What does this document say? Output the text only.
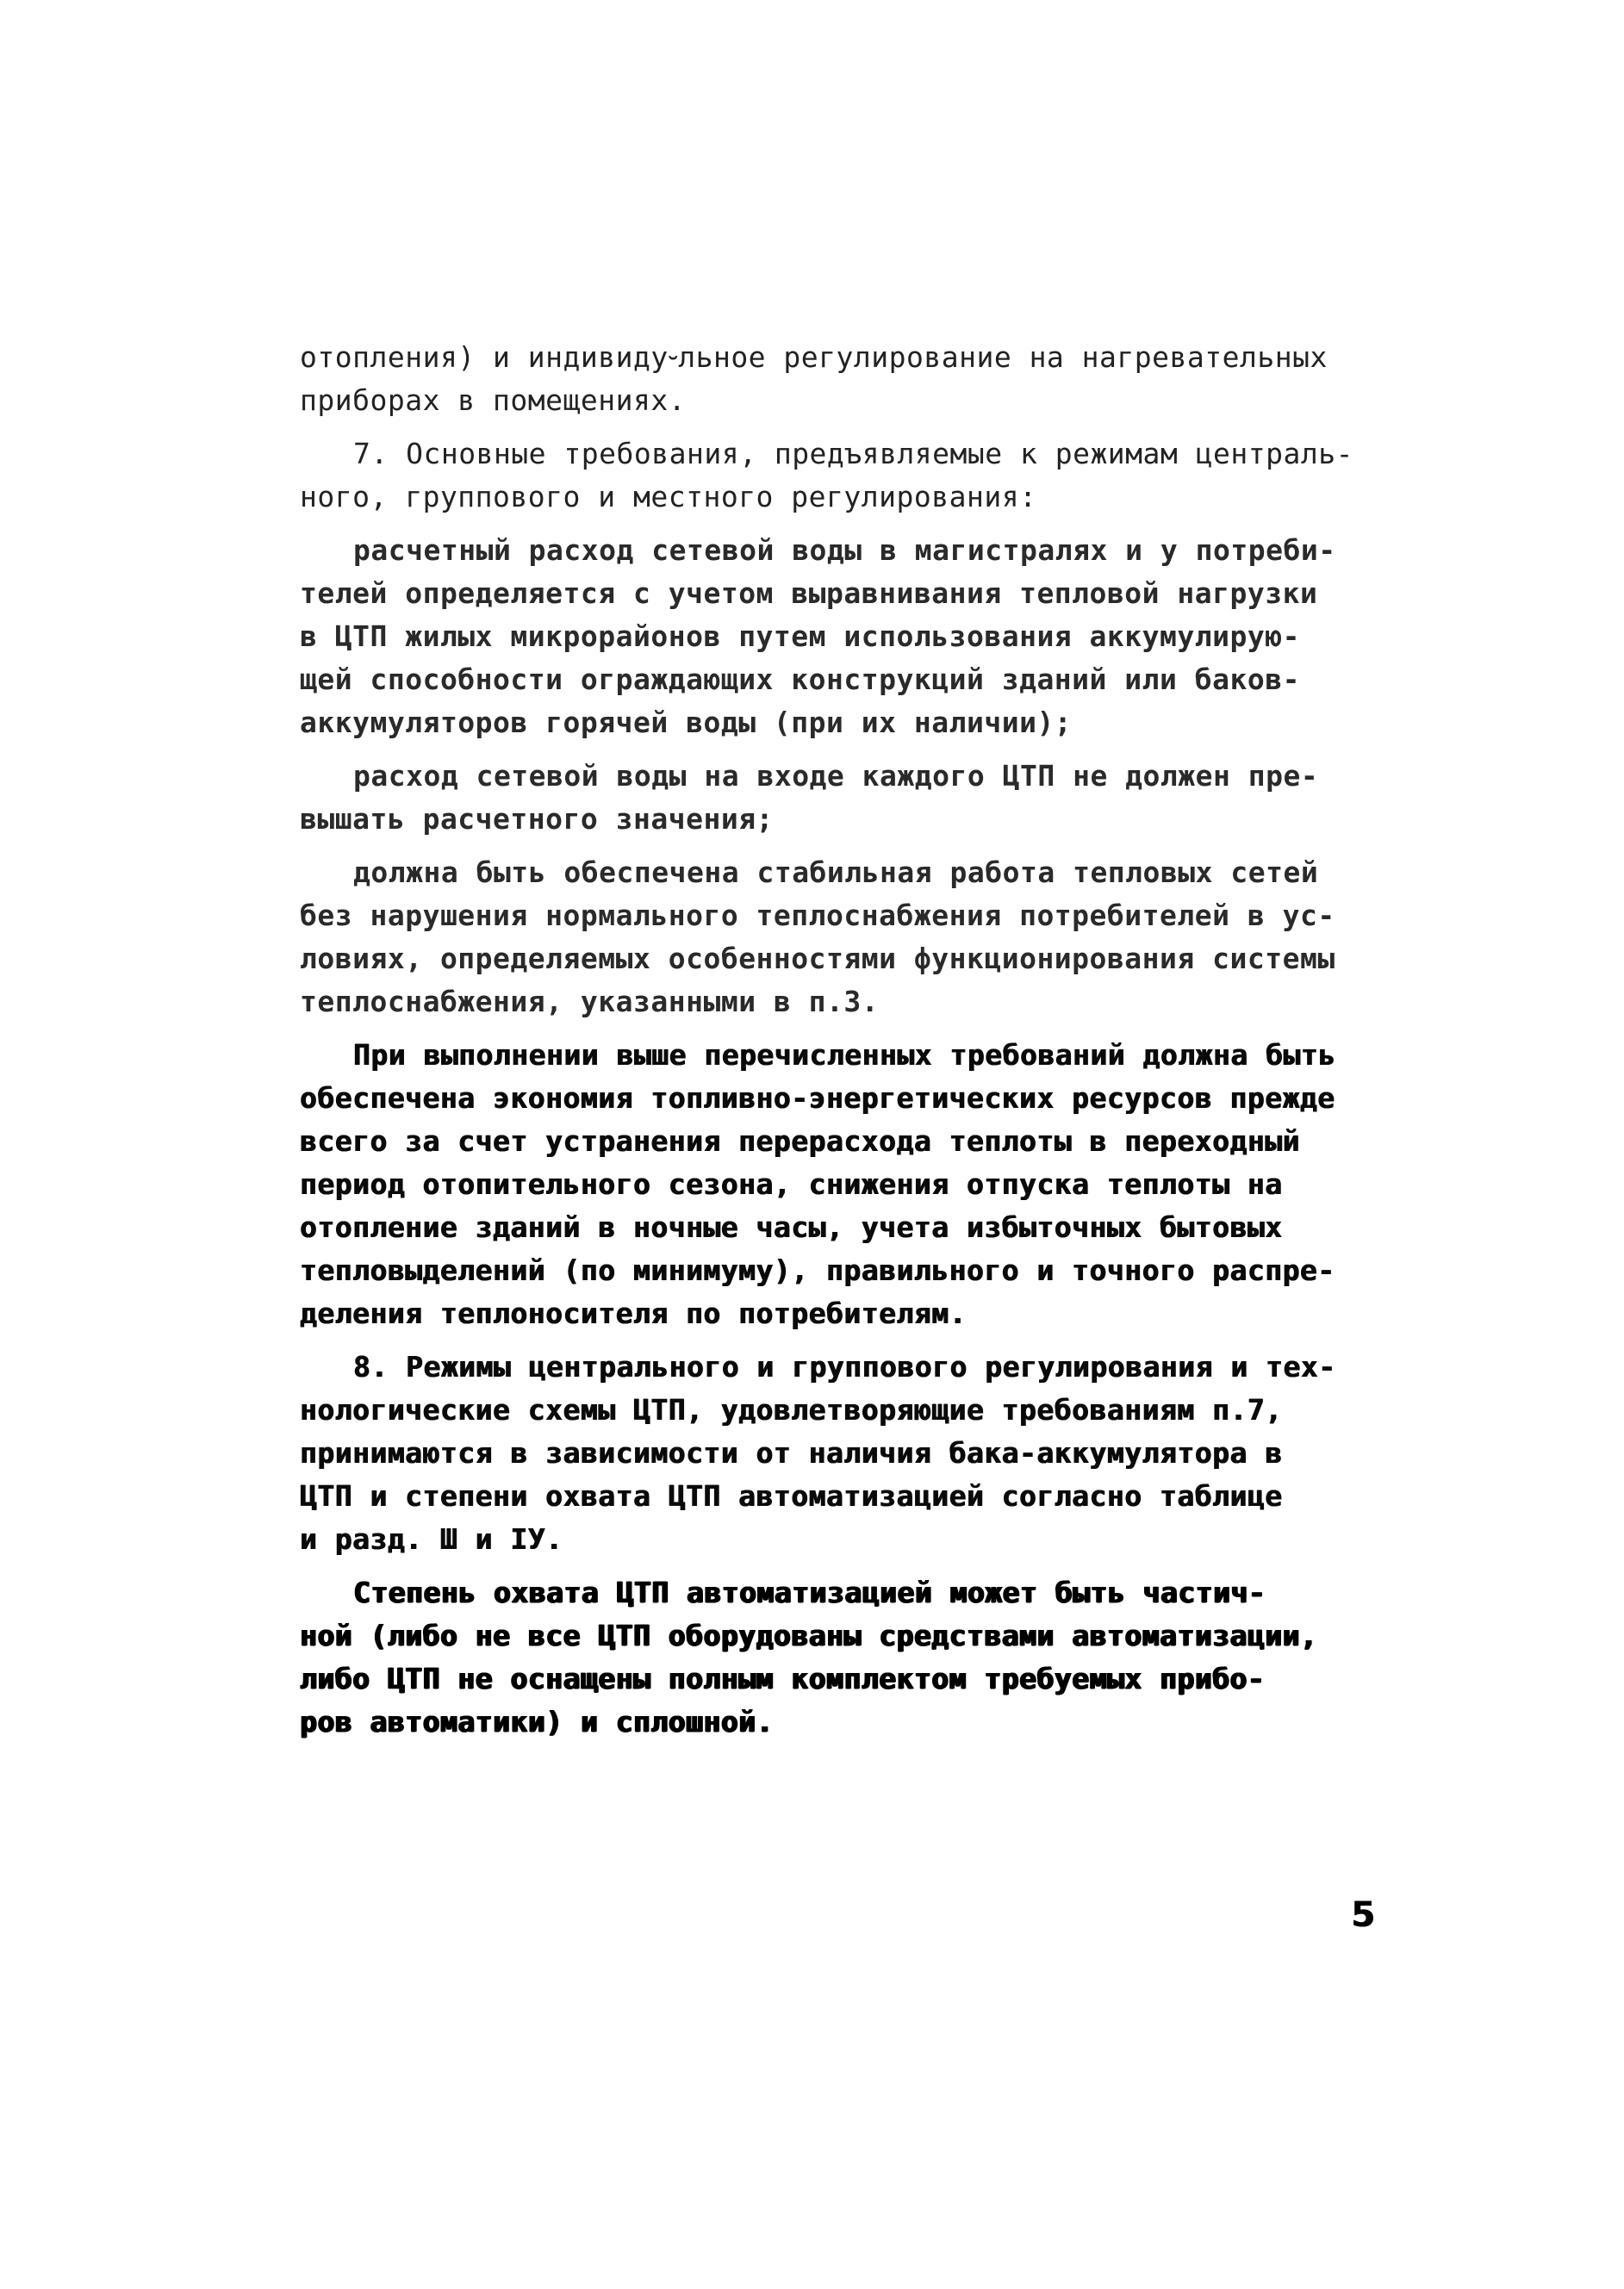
отопления) и индивиду⏑льное регулирование на нагревательных
приборах в помещениях.
7. Основные требования, предъявляемые к режимам централь-
ного, группового и местного регулирования:
расчетный расход сетевой воды в магистралях и у потреби-
телей определяется с учетом выравнивания тепловой нагрузки
в ЦТП жилых микрорайонов путем использования аккумулирую-
щей способности ограждающих конструкций зданий или баков-
аккумуляторов горячей воды (при их наличии);
расход сетевой воды на входе каждого ЦТП не должен пре-
вышать расчетного значения;
должна быть обеспечена стабильная работа тепловых сетей
без нарушения нормального теплоснабжения потребителей в ус-
ловиях, определяемых особенностями функционирования системы
теплоснабжения, указанными в п.3.
При выполнении выше перечисленных требований должна быть
обеспечена экономия топливно-энергетических ресурсов прежде
всего за счет устранения перерасхода теплоты в переходный
период отопительного сезона, снижения отпуска теплоты на
отопление зданий в ночные часы, учета избыточных бытовых
тепловыделений (по минимуму), правильного и точного распре-
деления теплоносителя по потребителям.
8. Режимы центрального и группового регулирования и тех-
нологические схемы ЦТП, удовлетворяющие требованиям п.7,
принимаются в зависимости от наличия бака-аккумулятора в
ЦТП и степени охвата ЦТП автоматизацией согласно таблице
и разд. Ш и IУ.
Степень охвата ЦТП автоматизацией может быть частич-
ной (либо не все ЦТП оборудованы средствами автоматизации,
либо ЦТП не оснащены полным комплектом требуемых прибо-
ров автоматики) и сплошной.
5
